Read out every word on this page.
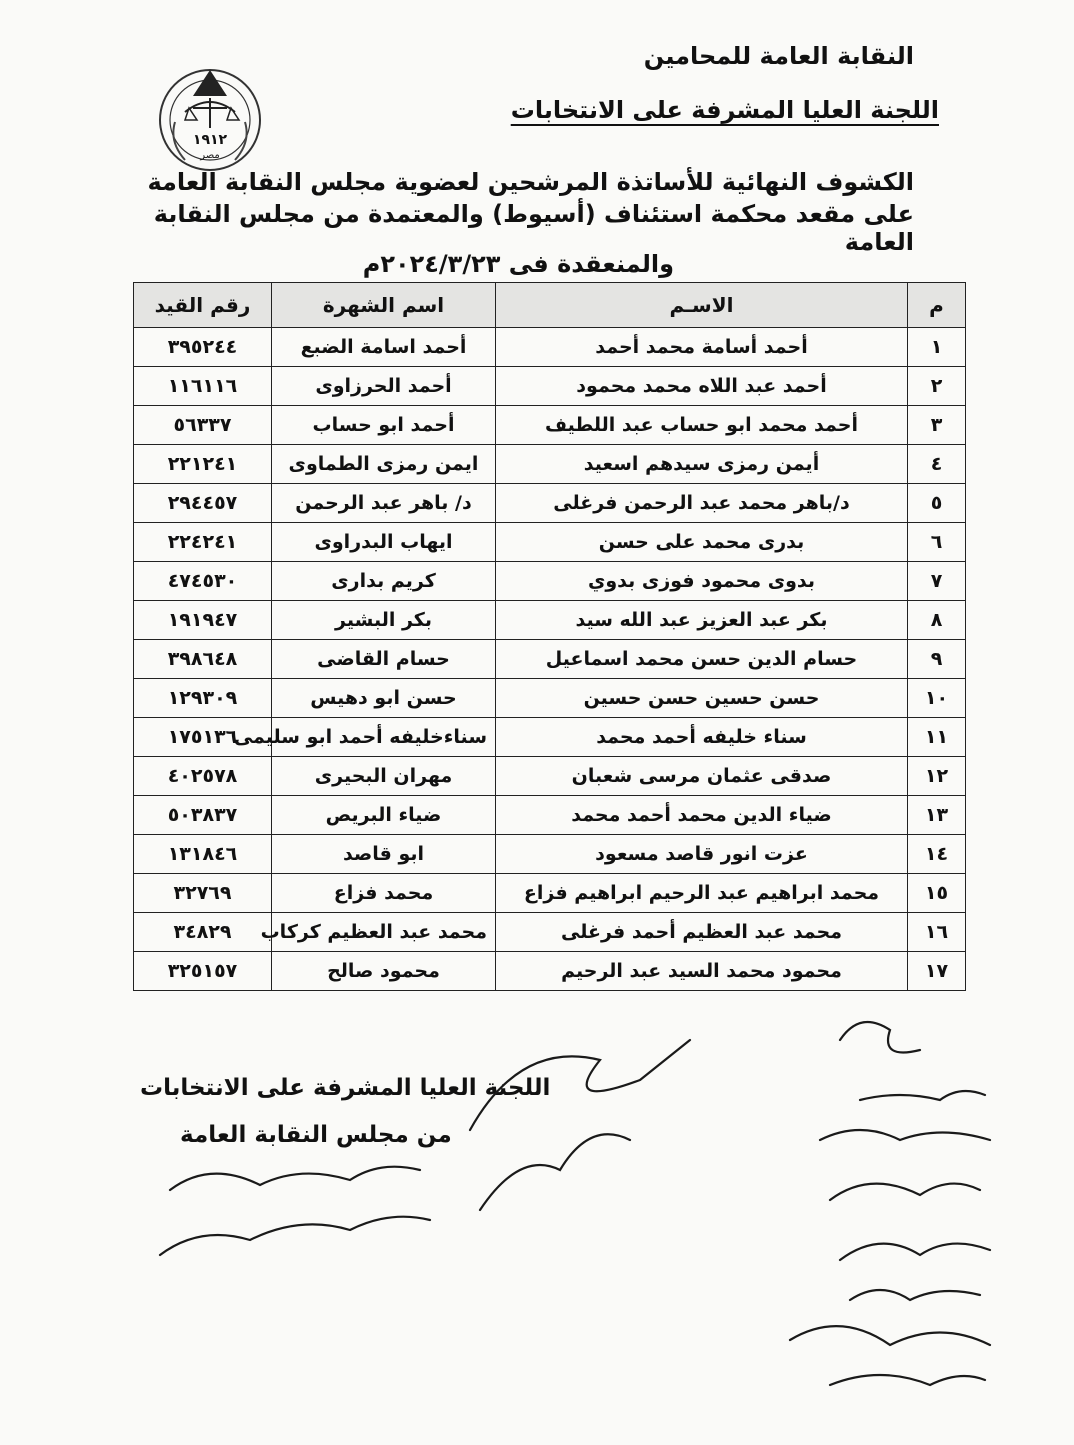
النقابة العامة للمحامين
اللجنة العليا المشرفة على الانتخابات
١٩١٢
مصر
الكشوف النهائية للأساتذة المرشحين لعضوية مجلس النقابة العامة
على مقعد محكمة استئناف (أسيوط) والمعتمدة من مجلس النقابة العامة
والمنعقدة فى ٢٠٢٤/٣/٢٣م
م	الاسـم	اسم الشهرة	رقم القيد
١	أحمد أسامة محمد أحمد	أحمد اسامة الضبع	٣٩٥٢٤٤
٢	أحمد عبد اللاه محمد محمود	أحمد الحرزاوى	١١٦١١٦
٣	أحمد محمد ابو حساب عبد اللطيف	أحمد ابو حساب	٥٦٣٣٧
٤	أيمن رمزى سيدهم اسعيد	ايمن رمزى الطماوى	٢٢١٢٤١
٥	د/باهر محمد عبد الرحمن فرغلى	د/ باهر عبد الرحمن	٢٩٤٤٥٧
٦	بدرى محمد على حسن	ايهاب البدراوى	٢٢٤٢٤١
٧	بدوى محمود فوزى بدوي	كريم بدارى	٤٧٤٥٣٠
٨	بكر عبد العزيز عبد الله سيد	بكر البشير	١٩١٩٤٧
٩	حسام الدين حسن محمد اسماعيل	حسام القاضى	٣٩٨٦٤٨
١٠	حسن حسين حسن حسين	حسن ابو دهيس	١٢٩٣٠٩
١١	سناء خليفه أحمد محمد	سناءخليفه أحمد ابو سليمى	١٧٥١٣٦
١٢	صدقى عثمان مرسى شعبان	مهران البحيرى	٤٠٢٥٧٨
١٣	ضياء الدين محمد أحمد محمد	ضياء البريص	٥٠٣٨٣٧
١٤	عزت انور قاصد مسعود	ابو قاصد	١٣١٨٤٦
١٥	محمد ابراهيم عبد الرحيم ابراهيم فزاع	محمد فزاع	٣٢٧٦٩
١٦	محمد عبد العظيم أحمد فرغلى	محمد عبد العظيم كركاب	٣٤٨٢٩
١٧	محمود محمد السيد عبد الرحيم	محمود صالح	٣٢٥١٥٧
اللجنة العليا المشرفة على الانتخابات
من مجلس النقابة العامة
